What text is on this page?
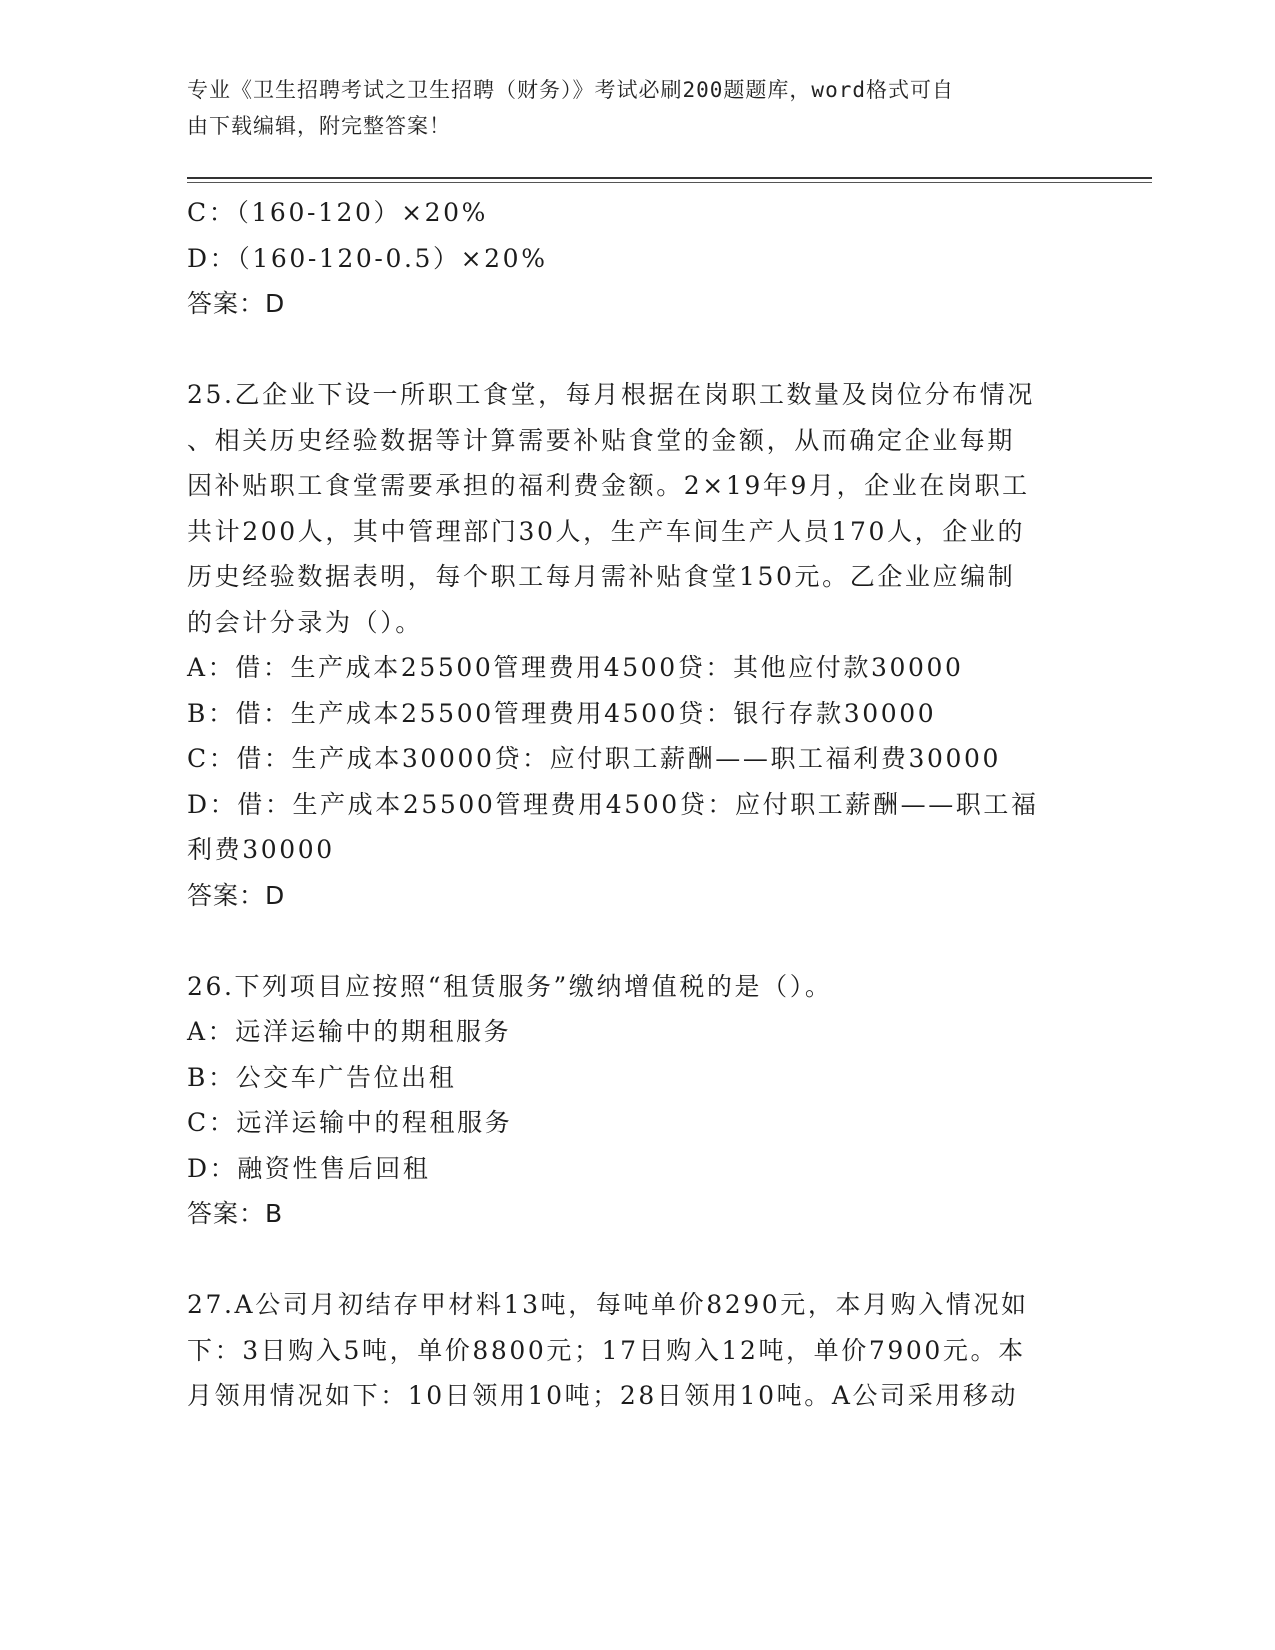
专业《卫生招聘考试之卫生招聘（财务）》考试必刷200题题库，word格式可自
由下载编辑，附完整答案！

C：（160-120）×20%

D：（160-120-0.5）×20%

答案：D

25.乙企业下设一所职工食堂，每月根据在岗职工数量及岗位分布情况

、相关历史经验数据等计算需要补贴食堂的金额，从而确定企业每期

因补贴职工食堂需要承担的福利费金额。2×19年9月，企业在岗职工

共计200人，其中管理部门30人，生产车间生产人员170人，企业的

历史经验数据表明，每个职工每月需补贴食堂150元。乙企业应编制

的会计分录为（）。

A：借：生产成本25500管理费用4500贷：其他应付款30000

B：借：生产成本25500管理费用4500贷：银行存款30000

C：借：生产成本30000贷：应付职工薪酬——职工福利费30000

D：借：生产成本25500管理费用4500贷：应付职工薪酬——职工福

利费30000

答案：D

26.下列项目应按照“租赁服务”缴纳增值税的是（）。

A：远洋运输中的期租服务

B：公交车广告位出租

C：远洋运输中的程租服务

D：融资性售后回租

答案：B

27.A公司月初结存甲材料13吨，每吨单价8290元，本月购入情况如

下：3日购入5吨，单价8800元；17日购入12吨，单价7900元。本

月领用情况如下：10日领用10吨；28日领用10吨。A公司采用移动
